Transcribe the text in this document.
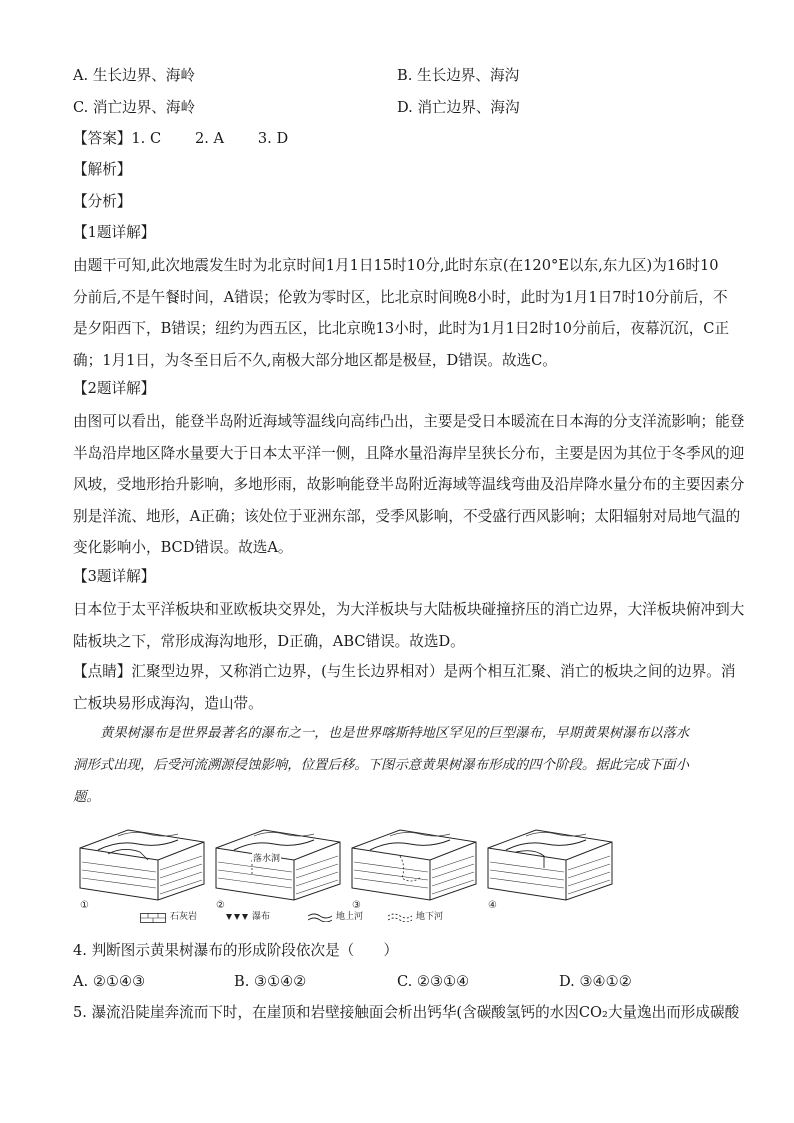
A. 生长边界、海岭	B. 生长边界、海沟
C. 消亡边界、海岭	D. 消亡边界、海沟
【答案】1. C 　　2. A 　　3. D
【解析】
【分析】
【1题详解】
由题干可知,此次地震发生时为北京时间1月1日15时10分,此时东京(在120°E以东,东九区)为16时10
分前后,不是午餐时间，A错误；伦敦为零时区，比北京时间晚8小时，此时为1月1日7时10分前后，不
是夕阳西下，B错误；纽约为西五区，比北京晚13小时，此时为1月1日2时10分前后，夜幕沉沉，C正
确；1月1日，为冬至日后不久,南极大部分地区都是极昼，D错误。故选C。
【2题详解】
由图可以看出，能登半岛附近海域等温线向高纬凸出，主要是受日本暖流在日本海的分支洋流影响；能登
半岛沿岸地区降水量要大于日本太平洋一侧，且降水量沿海岸呈狭长分布，主要是因为其位于冬季风的迎
风坡，受地形抬升影响，多地形雨，故影响能登半岛附近海域等温线弯曲及沿岸降水量分布的主要因素分
别是洋流、地形，A正确；该处位于亚洲东部，受季风影响，不受盛行西风影响；太阳辐射对局地气温的
变化影响小，BCD错误。故选A。
【3题详解】
日本位于太平洋板块和亚欧板块交界处，为大洋板块与大陆板块碰撞挤压的消亡边界，大洋板块俯冲到大
陆板块之下，常形成海沟地形，D正确，ABC错误。故选D。
【点睛】汇聚型边界，又称消亡边界，(与生长边界相对）是两个相互汇聚、消亡的板块之间的边界。消
亡板块易形成海沟，造山带。
黄果树瀑布是世界最著名的瀑布之一，也是世界喀斯特地区罕见的巨型瀑布，早期黄果树瀑布以落水
洞形式出现，后受河流溯源侵蚀影响，位置后移。下图示意黄果树瀑布形成的四个阶段。据此完成下面小
题。
落水洞
①	②	③	④
石灰岩	瀑布	地上河	地下河
4. 判断图示黄果树瀑布的形成阶段依次是（　　）
A. ②①④③	B. ③①④②	C. ②③①④	D. ③④①②
5. 瀑流沿陡崖奔流而下时，在崖顶和岩壁接触面会析出钙华(含碳酸氢钙的水因CO₂大量逸出而形成碳酸
